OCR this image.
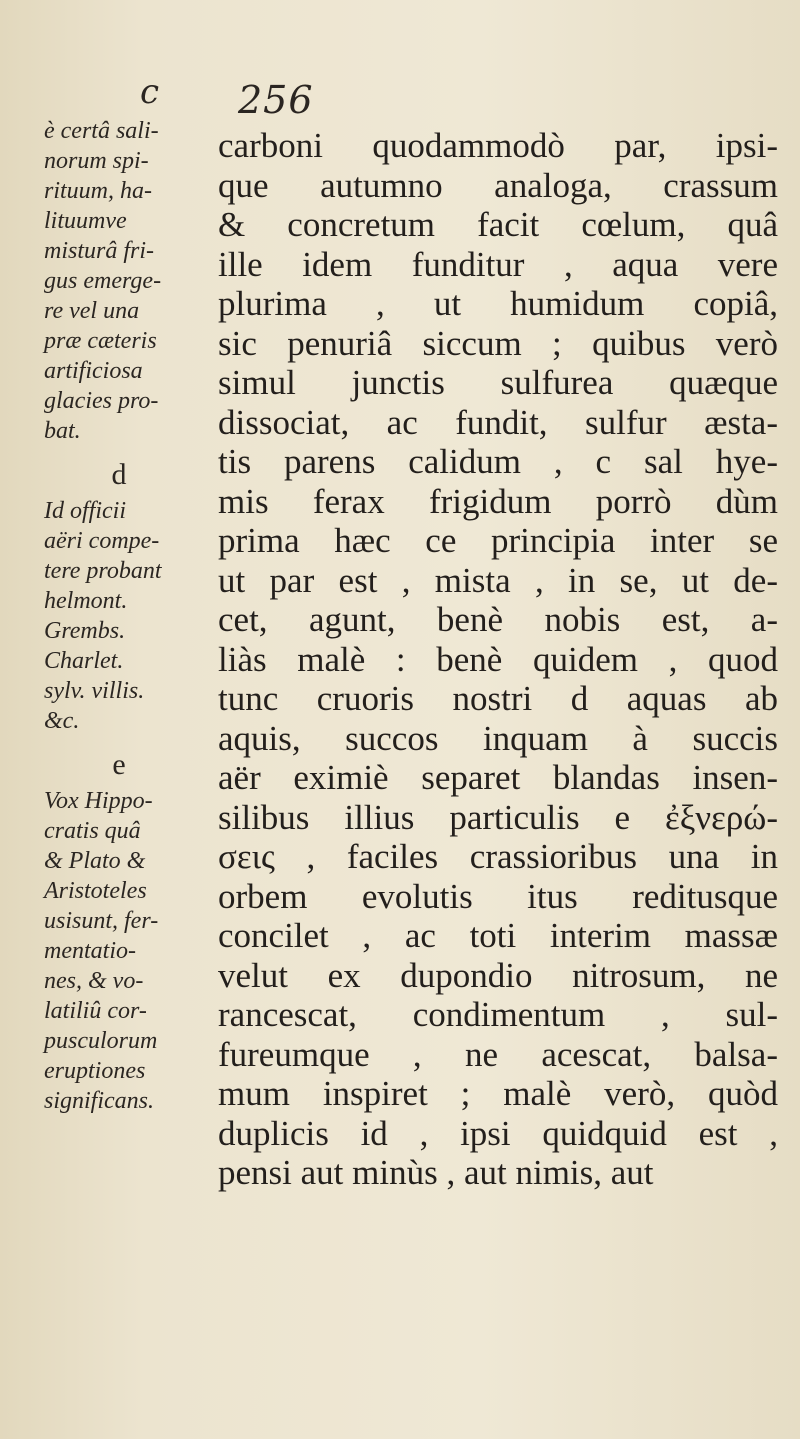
c 256
è certâ sali-
norum spi-
rituum, ha-
lituumve
misturâ fri-
gus emerge-
re vel una
præ cæteris
artificiosa
glacies pro-
bat.
d
Id officii
aëri compe-
tere probant
helmont.
Grembs.
Charlet.
sylv. villis.
&c.
e
Vox Hippo-
cratis quâ
& Plato &
Aristoteles
usisunt, fer-
mentatio-
nes, & vo-
latiliû cor-
pusculorum
eruptiones
significans.
carboni quodammodò par, ipsi-
que autumno analoga, crassum
& concretum facit cœlum, quâ
ille idem funditur , aqua vere
plurima , ut humidum copiâ,
sic penuriâ siccum ; quibus verò
simul junctis sulfurea quæque
dissociat, ac fundit, sulfur æsta-
tis parens calidum , c sal hye-
mis ferax frigidum porrò dùm
prima hæc ce principia inter se
ut par est , mista , in se, ut de-
cet, agunt, benè nobis est, a-
liàs malè : benè quidem , quod
tunc cruoris nostri d aquas ab
aquis, succos inquam à succis
aër eximiè separet blandas insen-
silibus illius particulis e ἐξνερώ-
σεις , faciles crassioribus una in
orbem evolutis itus reditusque
concilet , ac toti interim massæ
velut ex dupondio nitrosum, ne
rancescat, condimentum , sul-
fureumque , ne acescat, balsa-
mum inspiret ; malè verò, quòd
duplicis id , ipsi quidquid est ,
pensi aut minùs , aut nimis, aut
